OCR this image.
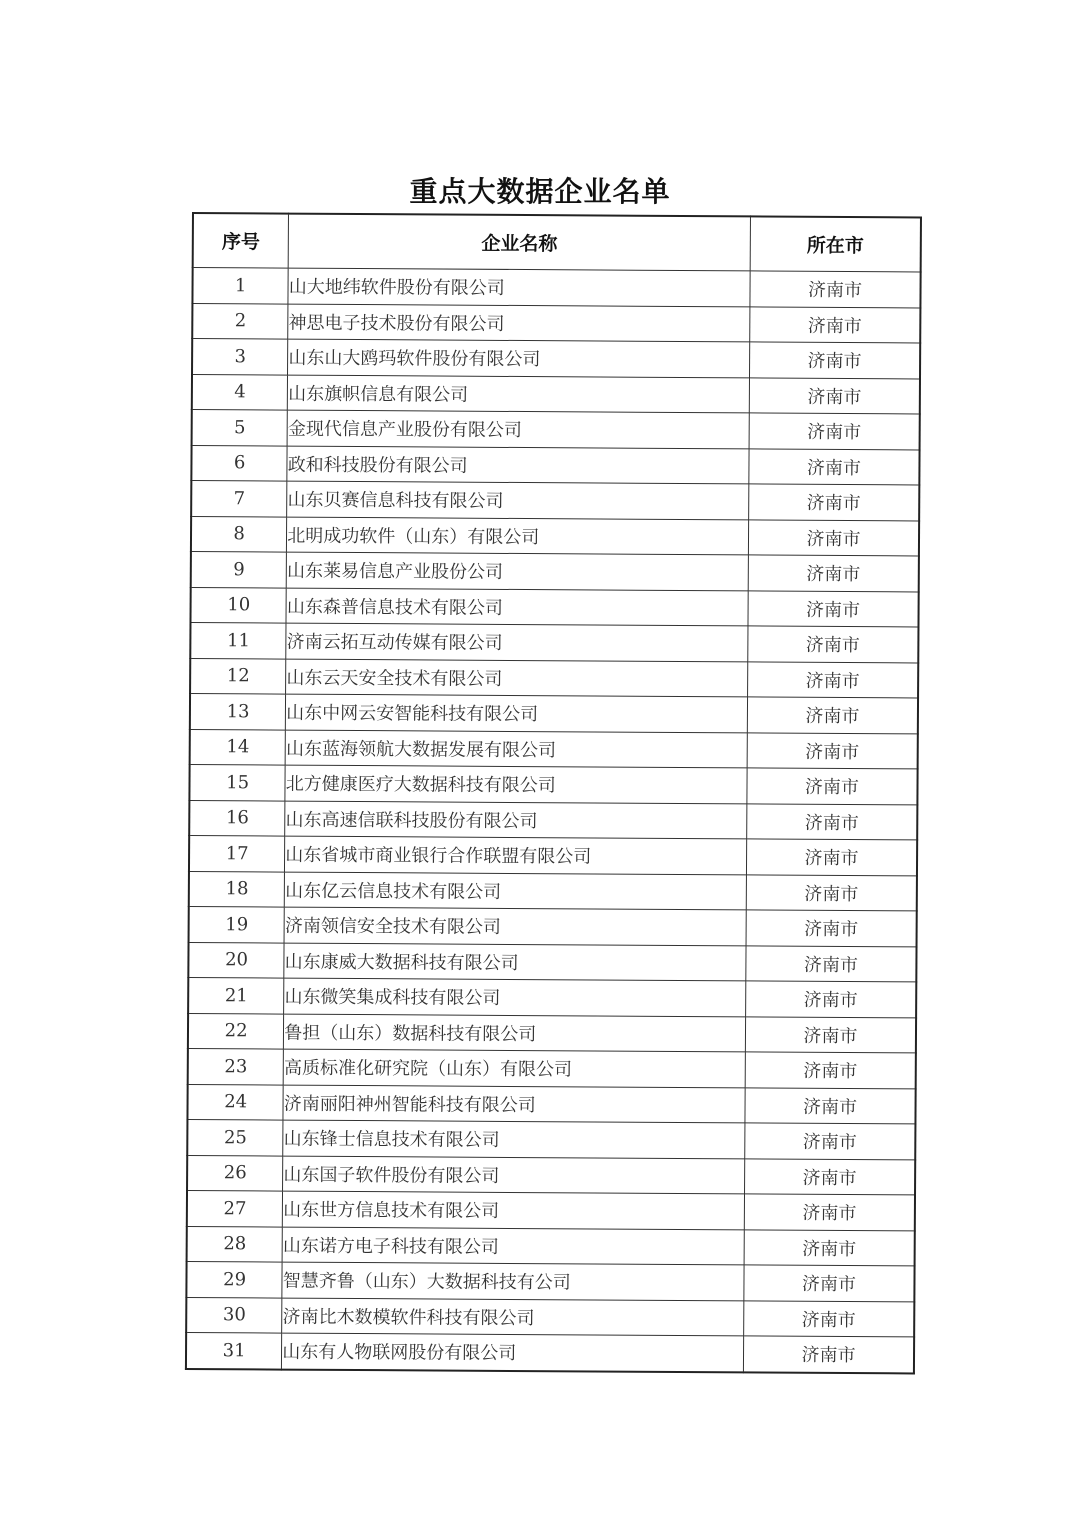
重点大数据企业名单
序号	企业名称	所在市
1	山大地纬软件股份有限公司	济南市
2	神思电子技术股份有限公司	济南市
3	山东山大鸥玛软件股份有限公司	济南市
4	山东旗帜信息有限公司	济南市
5	金现代信息产业股份有限公司	济南市
6	政和科技股份有限公司	济南市
7	山东贝赛信息科技有限公司	济南市
8	北明成功软件（山东）有限公司	济南市
9	山东莱易信息产业股份公司	济南市
10	山东森普信息技术有限公司	济南市
11	济南云拓互动传媒有限公司	济南市
12	山东云天安全技术有限公司	济南市
13	山东中网云安智能科技有限公司	济南市
14	山东蓝海领航大数据发展有限公司	济南市
15	北方健康医疗大数据科技有限公司	济南市
16	山东高速信联科技股份有限公司	济南市
17	山东省城市商业银行合作联盟有限公司	济南市
18	山东亿云信息技术有限公司	济南市
19	济南领信安全技术有限公司	济南市
20	山东康威大数据科技有限公司	济南市
21	山东微笑集成科技有限公司	济南市
22	鲁担（山东）数据科技有限公司	济南市
23	高质标准化研究院（山东）有限公司	济南市
24	济南丽阳神州智能科技有限公司	济南市
25	山东锋士信息技术有限公司	济南市
26	山东国子软件股份有限公司	济南市
27	山东世方信息技术有限公司	济南市
28	山东诺方电子科技有限公司	济南市
29	智慧齐鲁（山东）大数据科技有公司	济南市
30	济南比木数模软件科技有限公司	济南市
31	山东有人物联网股份有限公司	济南市
